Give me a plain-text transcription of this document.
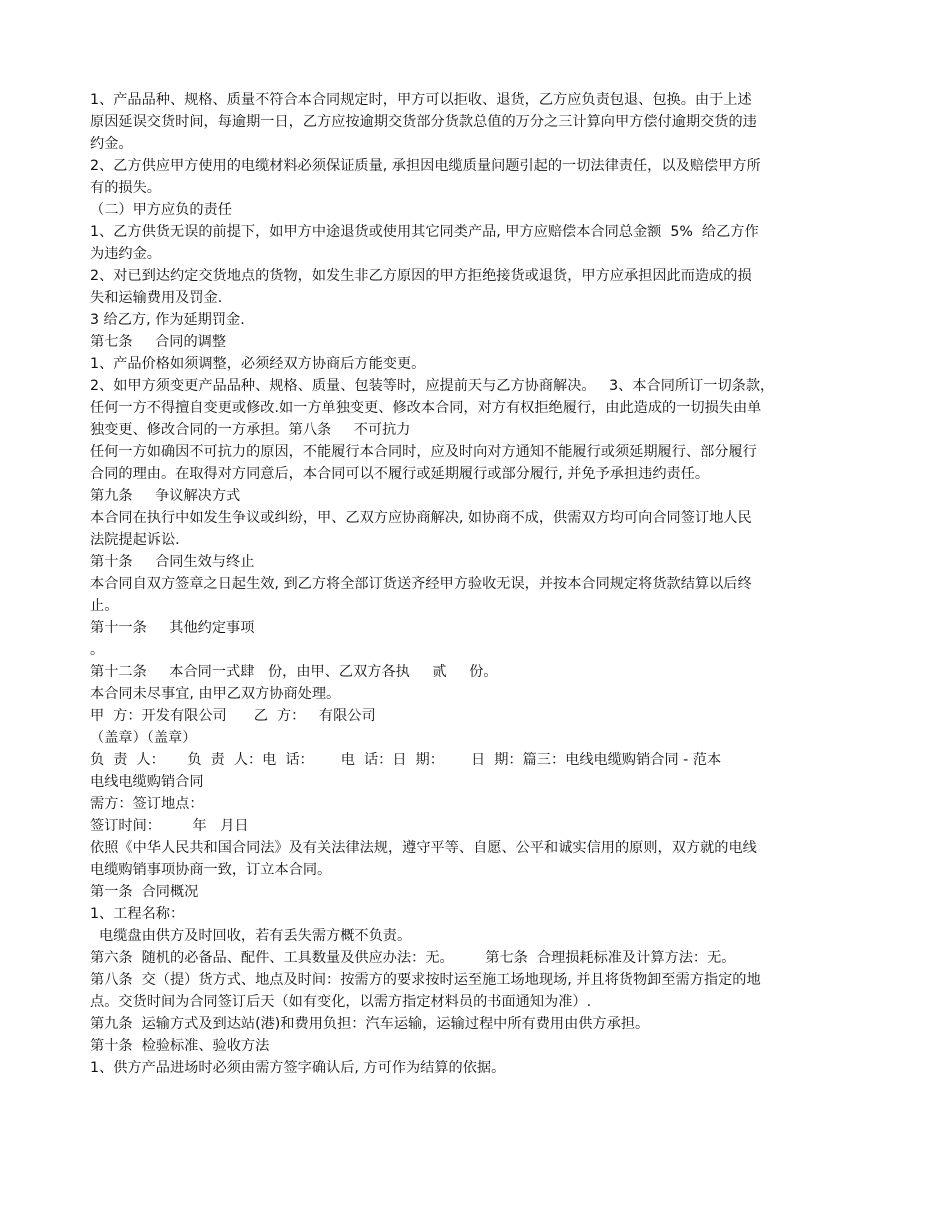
1、产品品种、规格、质量不符合本合同规定时，甲方可以拒收、退货，乙方应负责包退、包换。由于上述
原因延误交货时间，每逾期一日，乙方应按逾期交货部分货款总值的万分之三计算向甲方偿付逾期交货的违
约金。
2、乙方供应甲方使用的电缆材料必须保证质量, 承担因电缆质量问题引起的一切法律责任，以及赔偿甲方所
有的损失。
（二）甲方应负的责任
1、乙方供货无误的前提下，如甲方中途退货或使用其它同类产品, 甲方应赔偿本合同总金额  5%  给乙方作
为违约金。
2、对已到达约定交货地点的货物，如发生非乙方原因的甲方拒绝接货或退货，甲方应承担因此而造成的损
失和运输费用及罚金.
3 给乙方, 作为延期罚金.
第七条     合同的调整
1、产品价格如须调整，必须经双方协商后方能变更。
2、如甲方须变更产品品种、规格、质量、包装等时，应提前天与乙方协商解决。   3、本合同所订一切条款，
任何一方不得擅自变更或修改.如一方单独变更、修改本合同，对方有权拒绝履行，由此造成的一切损失由单
独变更、修改合同的一方承担。第八条     不可抗力
任何一方如确因不可抗力的原因，不能履行本合同时，应及时向对方通知不能履行或须延期履行、部分履行
合同的理由。在取得对方同意后，本合同可以不履行或延期履行或部分履行, 并免予承担违约责任。
第九条     争议解决方式
本合同在执行中如发生争议或纠纷，甲、乙双方应协商解决, 如协商不成，供需双方均可向合同签订地人民
法院提起诉讼.
第十条     合同生效与终止
本合同自双方签章之日起生效, 到乙方将全部订货送齐经甲方验收无误，并按本合同规定将货款结算以后终
止。
第十一条     其他约定事项
。
第十二条     本合同一式肆   份，由甲、乙双方各执     贰     份。
本合同未尽事宜, 由甲乙双方协商处理。
甲  方：开发有限公司      乙  方：   有限公司
（盖章）（盖章）
负  责  人：     负  责  人：电  话：      电  话：日  期：      日  期：篇三：电线电缆购销合同 - 范本
电线电缆购销合同
需方：签订地点：
签订时间：       年   月日
依照《中华人民共和国合同法》及有关法律法规，遵守平等、自愿、公平和诚实信用的原则，双方就的电线
电缆购销事项协商一致，订立本合同。
第一条  合同概况
1、工程名称：
电缆盘由供方及时回收，若有丢失需方概不负责。
第六条  随机的必备品、配件、工具数量及供应办法：无。       第七条  合理损耗标准及计算方法：无。
第八条  交（提）货方式、地点及时间：按需方的要求按时运至施工场地现场, 并且将货物卸至需方指定的地
点。交货时间为合同签订后天（如有变化，以需方指定材料员的书面通知为准）.
第九条  运输方式及到达站(港)和费用负担：汽车运输，运输过程中所有费用由供方承担。
第十条  检验标准、验收方法
1、供方产品进场时必须由需方签字确认后, 方可作为结算的依据。
